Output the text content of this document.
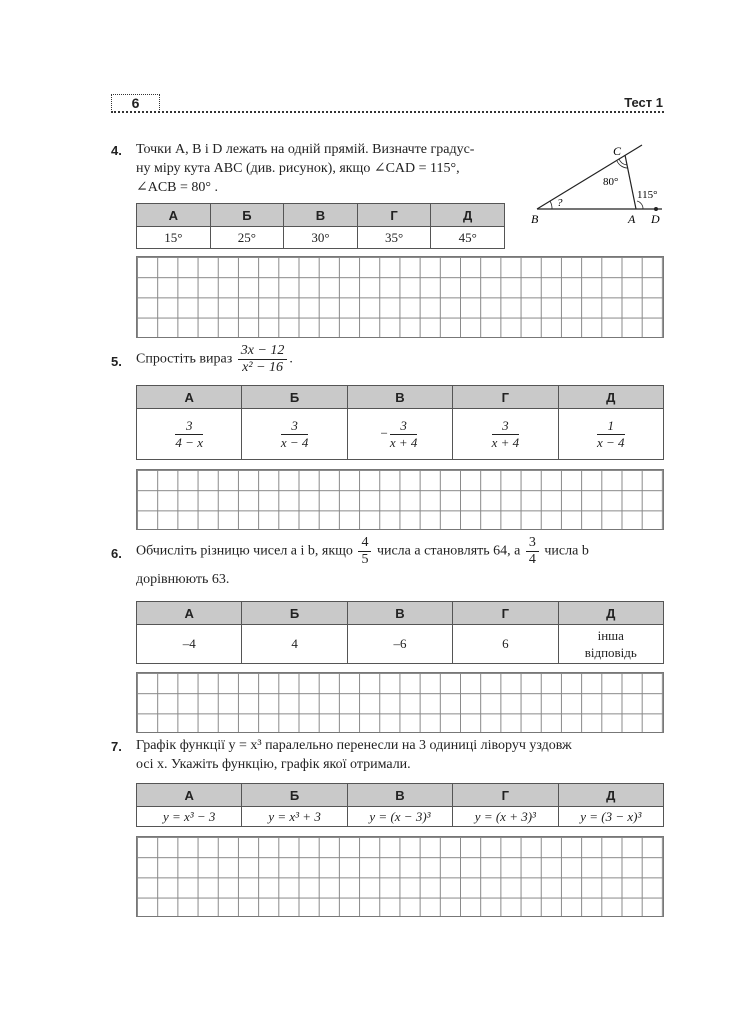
6	Тест 1
4. Точки A, B і D лежать на одній прямій. Визначте градус-
ну міру кута ABC (див. рисунок), якщо ∠CAD = 115°,
∠ACB = 80° .
C
B	A D
80°
115°
?
А	Б	В	Г	Д
15°	25°	30°	35°	45°
5. Спростіть вираз $\frac{3x - 12}{\text{x² − 16}}$ .
А	Б	В	Г	Д

$\frac{3}{4 - x}$	$\frac{3}{x - 4}$	− $\frac{3}{x + 4}$	$\frac{3}{x + 4}$	$\frac{1}{x - 4}$
6. Обчисліть різницю чисел a і b, якщо $\frac{4}{5}$ числа a становлять 64, а $\frac{3}{4}$ числа b
дорівнюють 63.
А	Б	В	Г	Д
–4	4	–6	6	інша відповідь
7. Графік функції y = x³ паралельно перенесли на 3 одиниці ліворуч уздовж
осі x. Укажіть функцію, графік якої отримали.
А	Б	В	Г	Д
y = x³ − 3	y = x³ + 3	y = (x − 3)³	y = (x + 3)³	y = (3 − x)³
